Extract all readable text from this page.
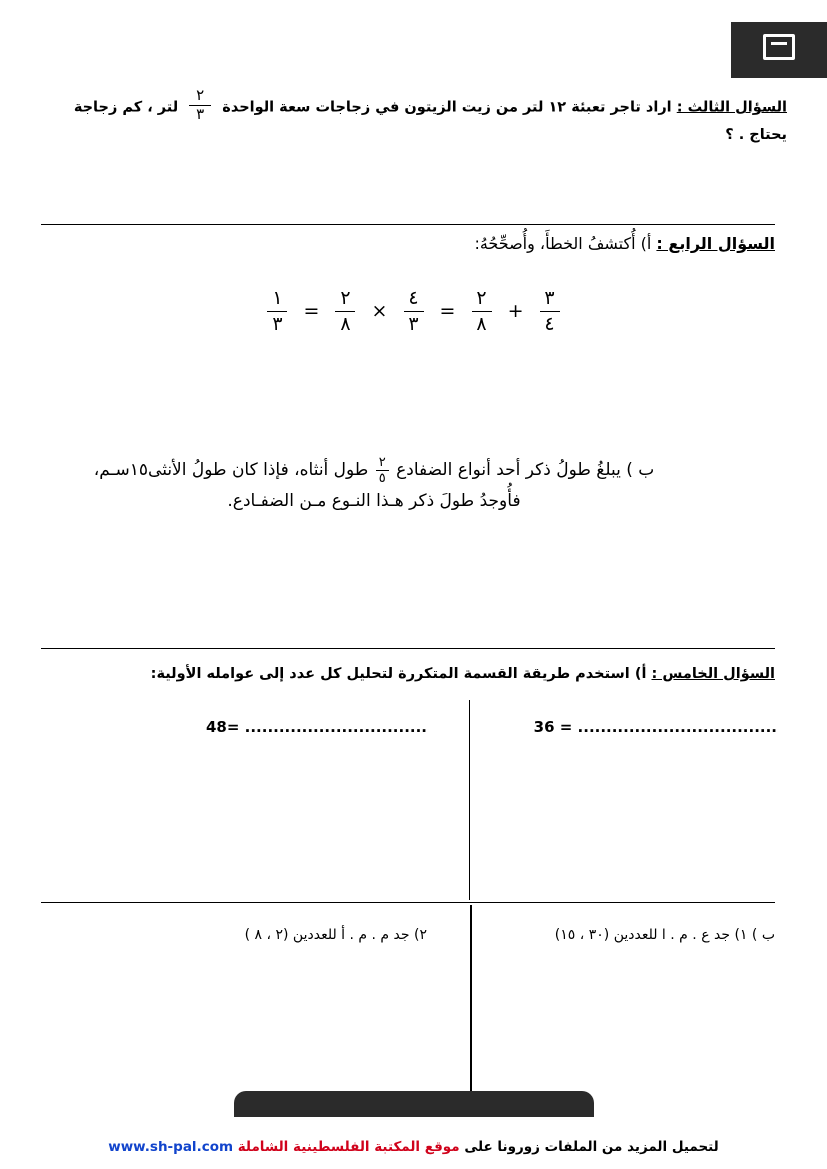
السؤال الثالث : اراد تاجر تعبئة ١٢ لتر من زيت الزيتون في زجاجات سعة الواحدة
$\frac{٢}{٣}$
لتر ، كم زجاجة يحتاج . ؟
السؤال الرابع : أ) أُكتشفُ الخطأَ، وأُصحِّحُهُ:
$\frac{١}{٣} = \frac{٢}{٨} \times \frac{٤}{٣} = \frac{٢}{٨} + \frac{٣}{٤}$
ب ) يبلغُ طولُ ذكر أحد أنواع الضفادع
$\frac{٢}{٥}$
طول أنثاه، فإذا كان طولُ الأنثى١٥سـم،
فأُوجدُ طولَ ذكر هـذا النـوع مـن الضفـادع.
السؤال الخامس : أ) استخدم طريقة القسمة المتكررة لتحليل كل عدد إلى عوامله الأولية:
................................... = 36
................................ =48
ب ) ١) جد ع . م . ا للعددين (٣٠ ، ١٥)
٢) جد م . م . أ للعددين (٢ ، ٨ )
لتحميل المزيد من الملفات زورونا على موقع المكتبة الفلسطينية الشاملة www.sh-pal.com
